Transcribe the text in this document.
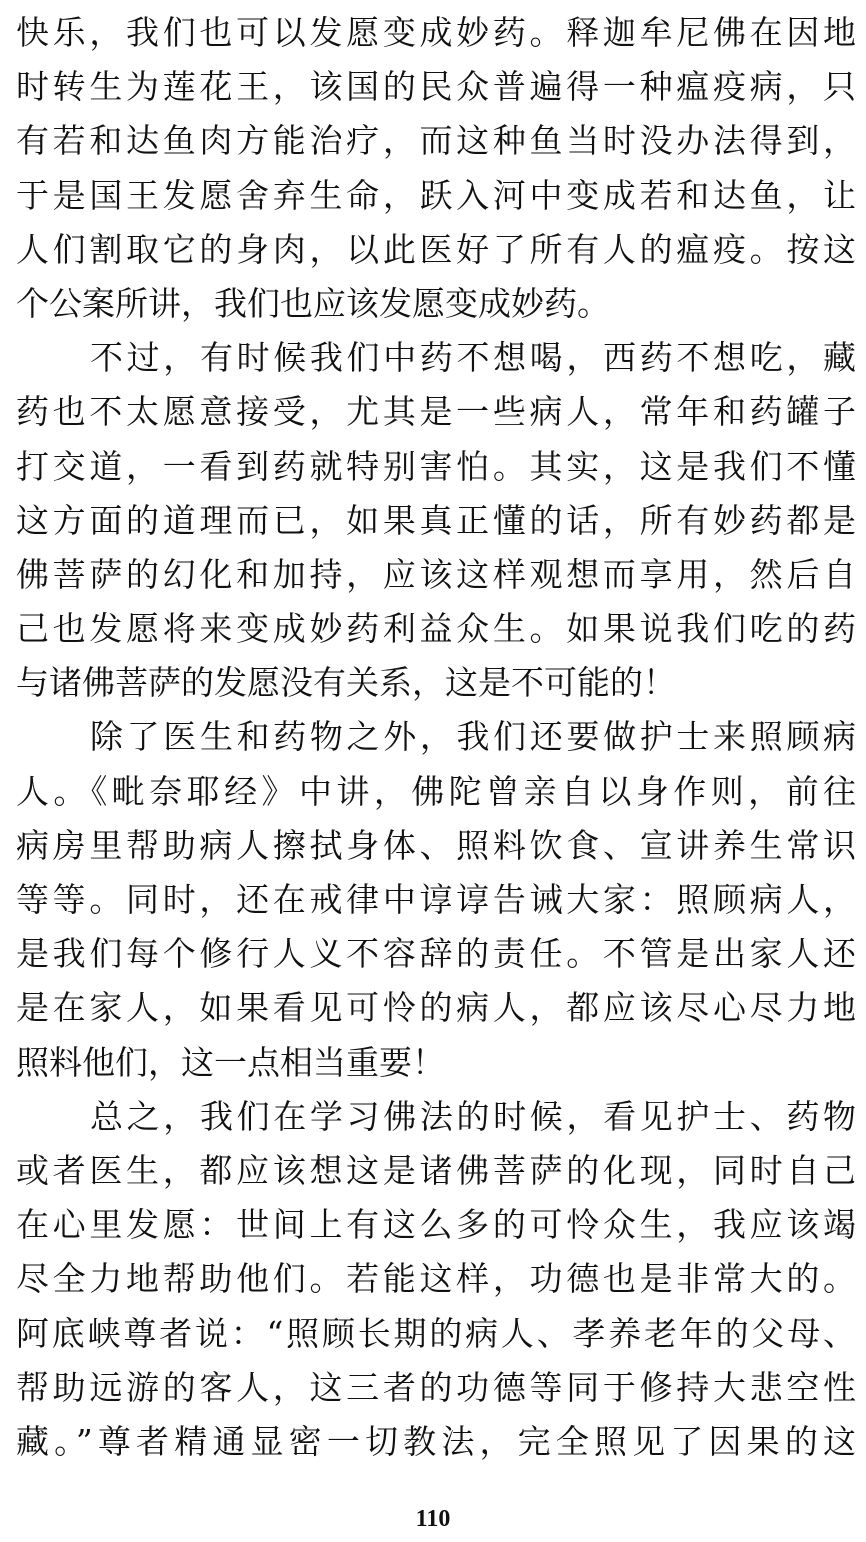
快乐，我们也可以发愿变成妙药。释迦牟尼佛在因地
时转生为莲花王，该国的民众普遍得一种瘟疫病，只
有若和达鱼肉方能治疗，而这种鱼当时没办法得到，
于是国王发愿舍弃生命，跃入河中变成若和达鱼，让
人们割取它的身肉，以此医好了所有人的瘟疫。按这
个公案所讲，我们也应该发愿变成妙药。
不过，有时候我们中药不想喝，西药不想吃，藏
药也不太愿意接受，尤其是一些病人，常年和药罐子
打交道，一看到药就特别害怕。其实，这是我们不懂
这方面的道理而已，如果真正懂的话，所有妙药都是
佛菩萨的幻化和加持，应该这样观想而享用，然后自
己也发愿将来变成妙药利益众生。如果说我们吃的药
与诸佛菩萨的发愿没有关系，这是不可能的！
除了医生和药物之外，我们还要做护士来照顾病
人。《毗奈耶经》中讲，佛陀曾亲自以身作则，前往
病房里帮助病人擦拭身体、照料饮食、宣讲养生常识
等等。同时，还在戒律中谆谆告诫大家：照顾病人，
是我们每个修行人义不容辞的责任。不管是出家人还
是在家人，如果看见可怜的病人，都应该尽心尽力地
照料他们，这一点相当重要！
总之，我们在学习佛法的时候，看见护士、药物
或者医生，都应该想这是诸佛菩萨的化现，同时自己
在心里发愿：世间上有这么多的可怜众生，我应该竭
尽全力地帮助他们。若能这样，功德也是非常大的。
阿底峡尊者说：“照顾长期的病人、孝养老年的父母、
帮助远游的客人，这三者的功德等同于修持大悲空性
藏。”尊者精通显密一切教法，完全照见了因果的这
110
